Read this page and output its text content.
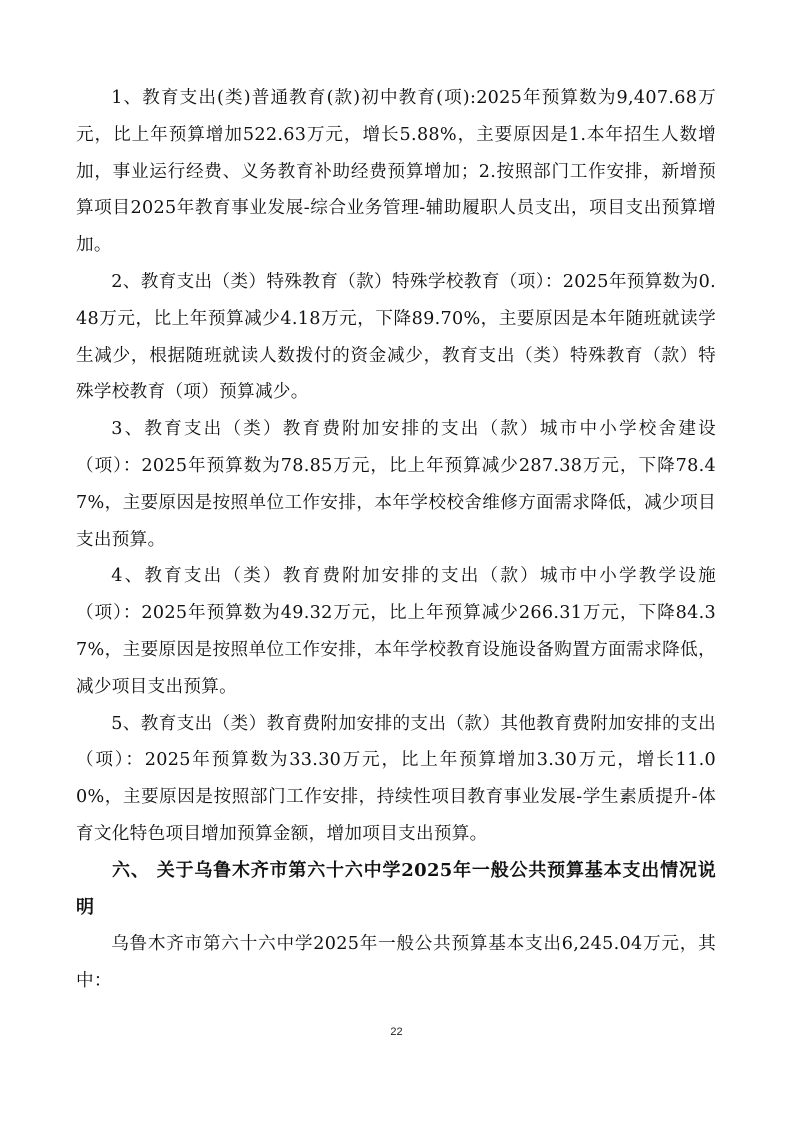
1、教育支出(类)普通教育(款)初中教育(项):2025年预算数为9,407.68万元，比上年预算增加522.63万元，增长5.88%，主要原因是1.本年招生人数增加，事业运行经费、义务教育补助经费预算增加；2.按照部门工作安排，新增预算项目2025年教育事业发展-综合业务管理-辅助履职人员支出，项目支出预算增加。

2、教育支出（类）特殊教育（款）特殊学校教育（项）：2025年预算数为0.48万元，比上年预算减少4.18万元，下降89.70%，主要原因是本年随班就读学生减少，根据随班就读人数拨付的资金减少，教育支出（类）特殊教育（款）特殊学校教育（项）预算减少。

3、教育支出（类）教育费附加安排的支出（款）城市中小学校舍建设（项）：2025年预算数为78.85万元，比上年预算减少287.38万元，下降78.47%，主要原因是按照单位工作安排，本年学校校舍维修方面需求降低，减少项目支出预算。

4、教育支出（类）教育费附加安排的支出（款）城市中小学教学设施（项）：2025年预算数为49.32万元，比上年预算减少266.31万元，下降84.37%，主要原因是按照单位工作安排，本年学校教育设施设备购置方面需求降低，减少项目支出预算。

5、教育支出（类）教育费附加安排的支出（款）其他教育费附加安排的支出（项）：2025年预算数为33.30万元，比上年预算增加3.30万元，增长11.00%，主要原因是按照部门工作安排，持续性项目教育事业发展-学生素质提升-体育文化特色项目增加预算金额，增加项目支出预算。

六、 关于乌鲁木齐市第六十六中学2025年一般公共预算基本支出情况说明

乌鲁木齐市第六十六中学2025年一般公共预算基本支出6,245.04万元，其中：

22
